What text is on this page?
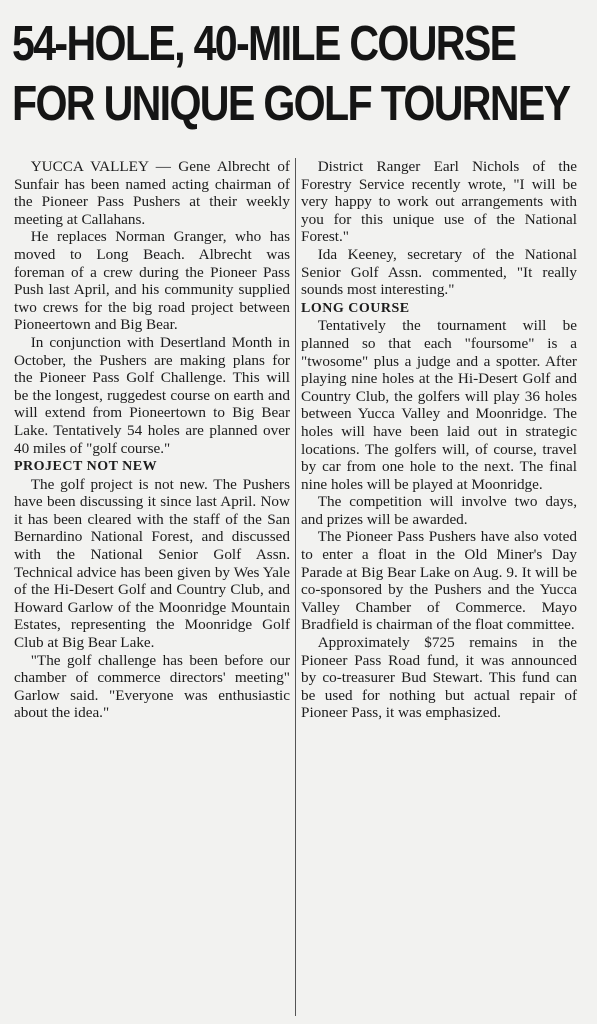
54-HOLE, 40-MILE COURSE
FOR UNIQUE GOLF TOURNEY

YUCCA VALLEY — Gene Albrecht of Sunfair has been named acting chairman of the Pioneer Pass Pushers at their weekly meeting at Callahans.

He replaces Norman Granger, who has moved to Long Beach. Albrecht was foreman of a crew during the Pioneer Pass Push last April, and his community supplied two crews for the big road project between Pioneertown and Big Bear.

In conjunction with Desertland Month in October, the Pushers are making plans for the Pioneer Pass Golf Challenge. This will be the longest, ruggedest course on earth and will extend from Pioneertown to Big Bear Lake. Tentatively 54 holes are planned over 40 miles of "golf course."

PROJECT NOT NEW

The golf project is not new. The Pushers have been discussing it since last April. Now it has been cleared with the staff of the San Bernardino National Forest, and discussed with the National Senior Golf Assn. Technical advice has been given by Wes Yale of the Hi-Desert Golf and Country Club, and Howard Garlow of the Moonridge Mountain Estates, representing the Moonridge Golf Club at Big Bear Lake.

"The golf challenge has been before our chamber of commerce directors' meeting" Garlow said. "Everyone was enthusiastic about the idea."

District Ranger Earl Nichols of the Forestry Service recently wrote, "I will be very happy to work out arrangements with you for this unique use of the National Forest."

Ida Keeney, secretary of the National Senior Golf Assn. commented, "It really sounds most interesting."

LONG COURSE

Tentatively the tournament will be planned so that each "foursome" is a "twosome" plus a judge and a spotter. After playing nine holes at the Hi-Desert Golf and Country Club, the golfers will play 36 holes between Yucca Valley and Moonridge. The holes will have been laid out in strategic locations. The golfers will, of course, travel by car from one hole to the next. The final nine holes will be played at Moonridge.

The competition will involve two days, and prizes will be awarded.

The Pioneer Pass Pushers have also voted to enter a float in the Old Miner's Day Parade at Big Bear Lake on Aug. 9. It will be co-sponsored by the Pushers and the Yucca Valley Chamber of Commerce. Mayo Bradfield is chairman of the float committee.

Approximately $725 remains in the Pioneer Pass Road fund, it was announced by co-treasurer Bud Stewart. This fund can be used for nothing but actual repair of Pioneer Pass, it was emphasized.
